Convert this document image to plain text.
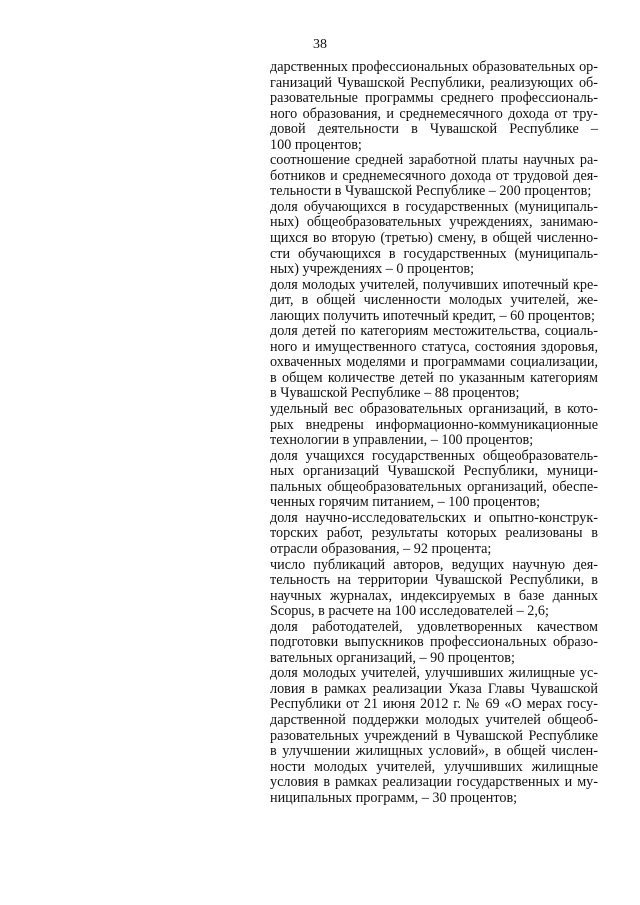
38
дарственных профессиональных образовательных ор-
ганизаций Чувашской Республики, реализующих об-
разовательные программы среднего профессиональ-
ного образования, и среднемесячного дохода от тру-
довой деятельности в Чувашской Республике –
100 процентов;
соотношение средней заработной платы научных ра-
ботников и среднемесячного дохода от трудовой дея-
тельности в Чувашской Республике – 200 процентов;
доля обучающихся в государственных (муниципаль-
ных) общеобразовательных учреждениях, занимаю-
щихся во вторую (третью) смену, в общей численно-
сти обучающихся в государственных (муниципаль-
ных) учреждениях – 0 процентов;
доля молодых учителей, получивших ипотечный кре-
дит, в общей численности молодых учителей, же-
лающих получить ипотечный кредит, – 60 процентов;
доля детей по категориям местожительства, социаль-
ного и имущественного статуса, состояния здоровья,
охваченных моделями и программами социализации,
в общем количестве детей по указанным категориям
в Чувашской Республике – 88 процентов;
удельный вес образовательных организаций, в кото-
рых внедрены информационно-коммуникационные
технологии в управлении, – 100 процентов;
доля учащихся государственных общеобразователь-
ных организаций Чувашской Республики, муници-
пальных общеобразовательных организаций, обеспе-
ченных горячим питанием, – 100 процентов;
доля научно-исследовательских и опытно-конструк-
торских работ, результаты которых реализованы в
отрасли образования, – 92 процента;
число публикаций авторов, ведущих научную дея-
тельность на территории Чувашской Республики, в
научных журналах, индексируемых в базе данных
Scopus, в расчете на 100 исследователей – 2,6;
доля работодателей, удовлетворенных качеством
подготовки выпускников профессиональных образо-
вательных организаций, – 90 процентов;
доля молодых учителей, улучшивших жилищные ус-
ловия в рамках реализации Указа Главы Чувашской
Республики от 21 июня 2012 г. № 69 «О мерах госу-
дарственной поддержки молодых учителей общеоб-
разовательных учреждений в Чувашской Республике
в улучшении жилищных условий», в общей числен-
ности молодых учителей, улучшивших жилищные
условия в рамках реализации государственных и му-
ниципальных программ, – 30 процентов;
